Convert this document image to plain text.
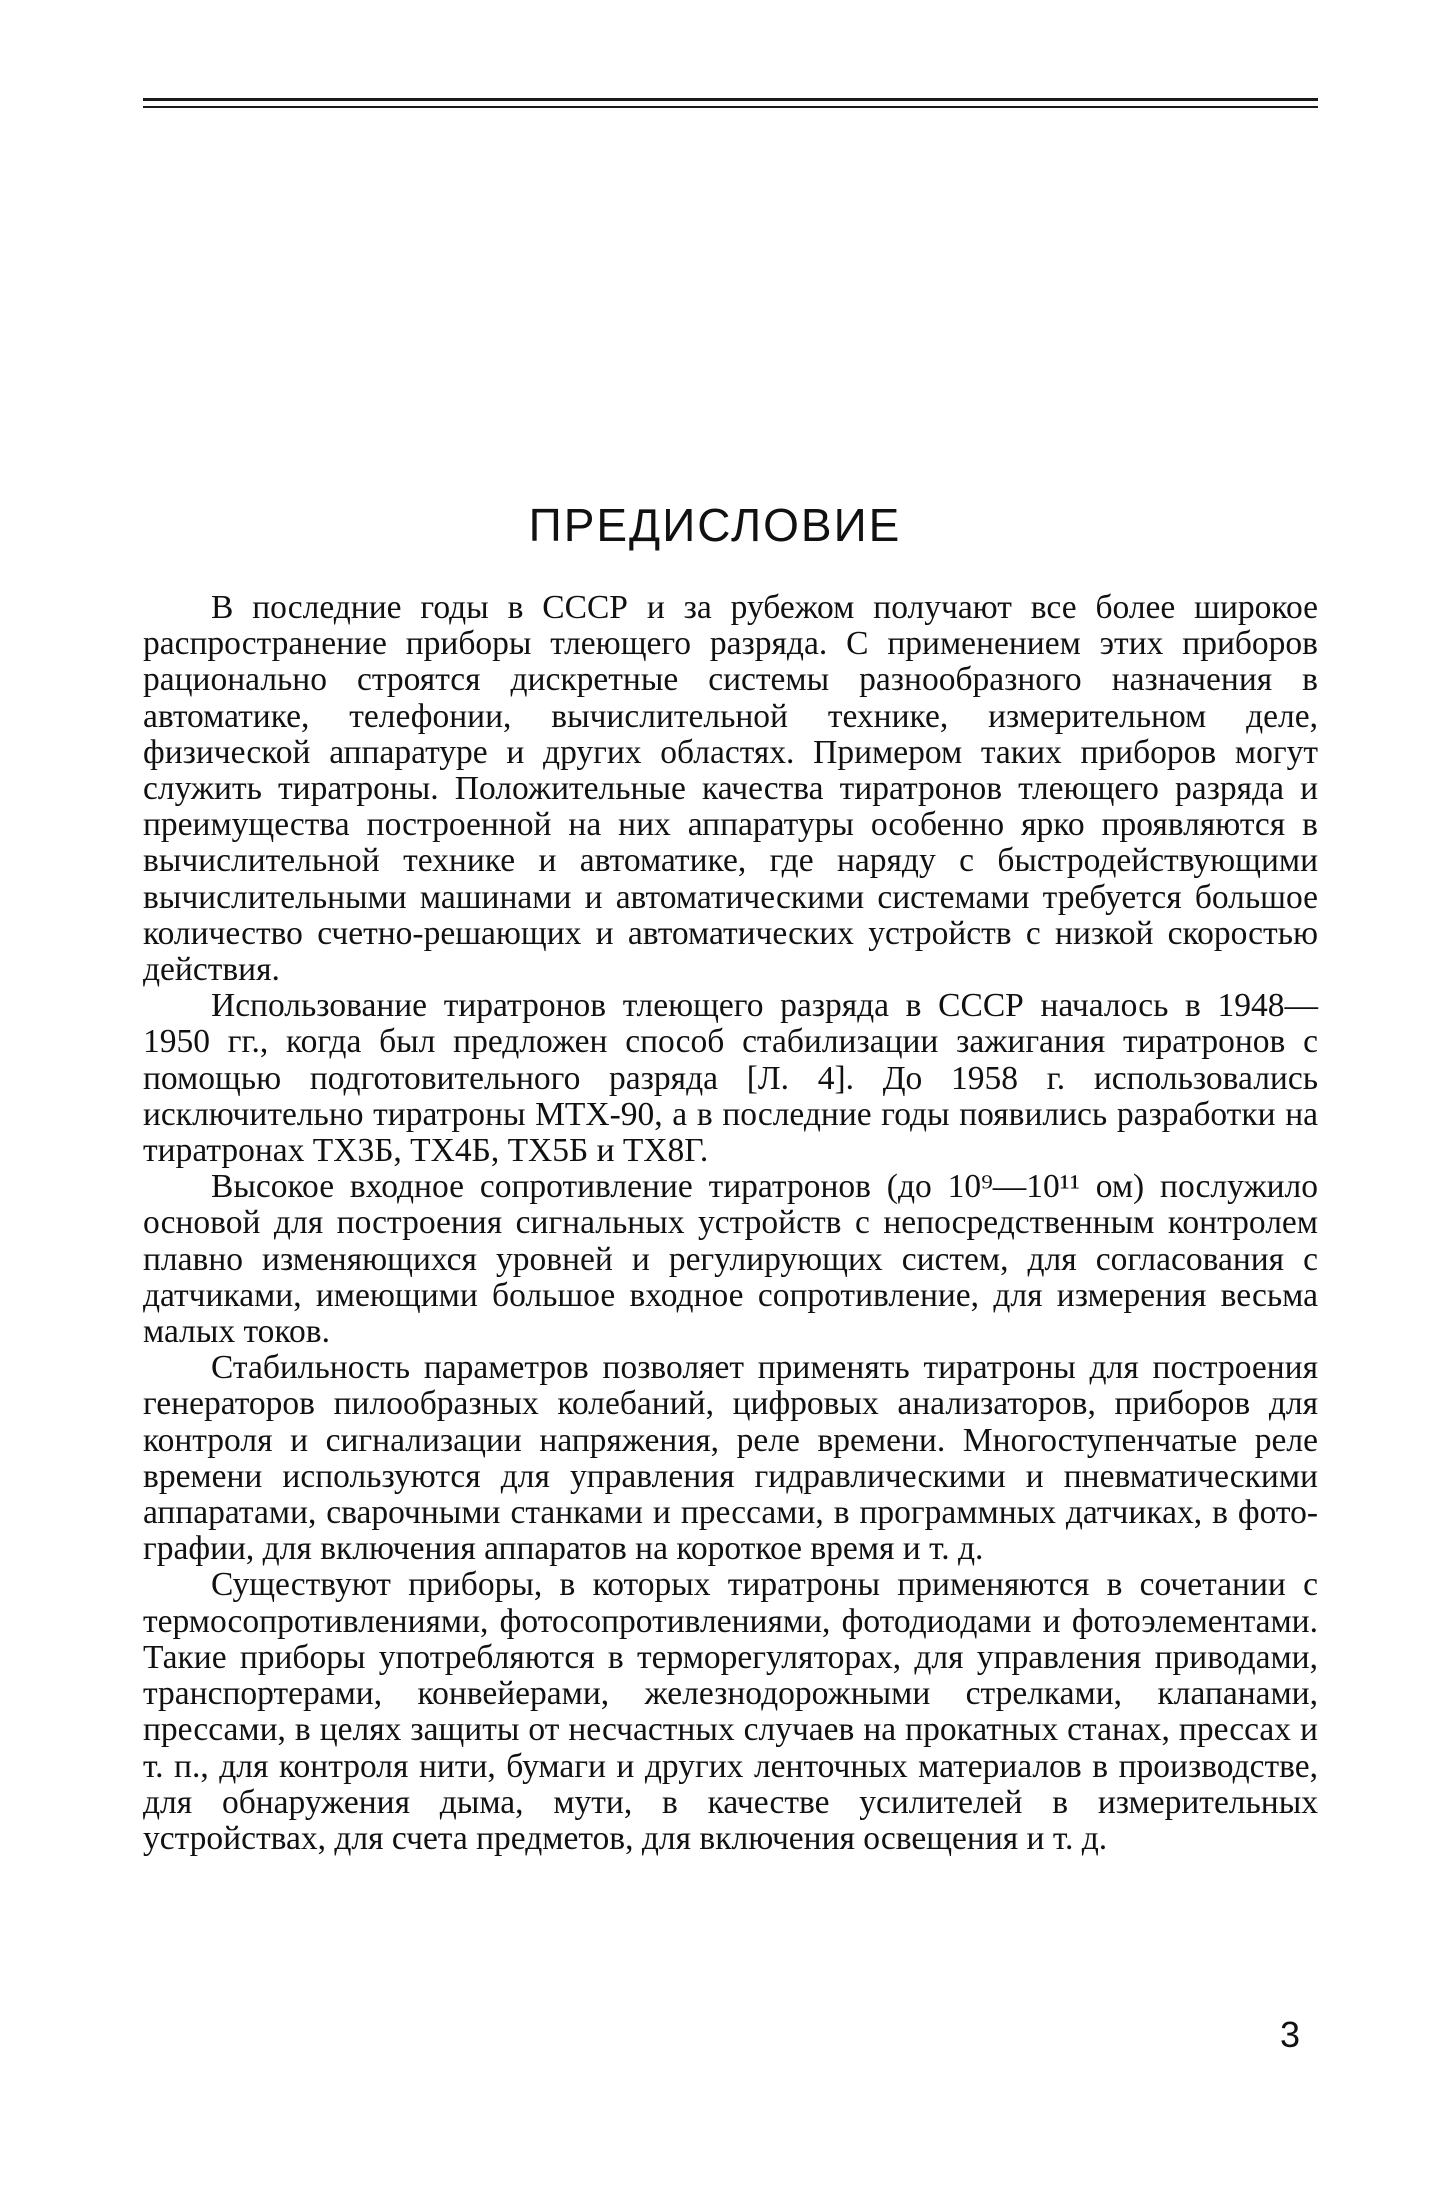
ПРЕДИСЛОВИЕ

В последние годы в СССР и за рубежом получают все более широкое распространение приборы тлеющего разряда. С применением этих приборов рационально строятся дискретные системы разнообразного назначения в автоматике, телефонии, вычислительной технике, измерительном деле, физической аппаратуре и других областях. Примером таких приборов могут служить тиратроны. Положительные качества тиратронов тлеющего разряда и преимущества построенной на них аппаратуры особенно ярко проявляются в вычислительной технике и автоматике, где наряду с быстродействующими вычислительными машинами и автоматическими системами требуется большое количество счетно-решающих и автоматических устройств с низкой скоростью действия.

Использование тиратронов тлеющего разряда в СССР началось в 1948—1950 гг., когда был предложен способ стабилизации зажигания тиратронов с помощью подготовительного разряда [Л. 4]. До 1958 г. использовались исключительно тиратроны МТХ-90, а в последние годы появились разработки на тиратронах ТХ3Б, ТХ4Б, ТХ5Б и ТХ8Г.

Высокое входное сопротивление тиратронов (до 10⁹—10¹¹ ом) послужило основой для построения сигнальных устройств с непосредственным контролем плавно изменяющихся уровней и регулирующих систем, для согласования с датчиками, имеющими большое входное сопротивление, для измерения весьма малых токов.

Стабильность параметров позволяет применять тиратроны для построения генераторов пилообразных колебаний, цифровых анализаторов, приборов для контроля и сигнализации напряжения, реле времени. Многоступенчатые реле времени используются для управления гидравлическими и пневматическими аппаратами, сварочными станками и прессами, в программных датчиках, в фотографии, для включения аппаратов на короткое время и т. д.

Существуют приборы, в которых тиратроны применяются в сочетании с термосопротивлениями, фотосопротивлениями, фотодиодами и фотоэлементами. Такие приборы употребляются в терморегуляторах, для управления приводами, транспортерами, конвейерами, железнодорожными стрелками, клапанами, прессами, в целях защиты от несчастных случаев на прокатных станах, прессах и т. п., для контроля нити, бумаги и других ленточных материалов в производстве, для обнаружения дыма, мути, в качестве усилителей в измерительных устройствах, для счета предметов, для включения освещения и т. д.

3
